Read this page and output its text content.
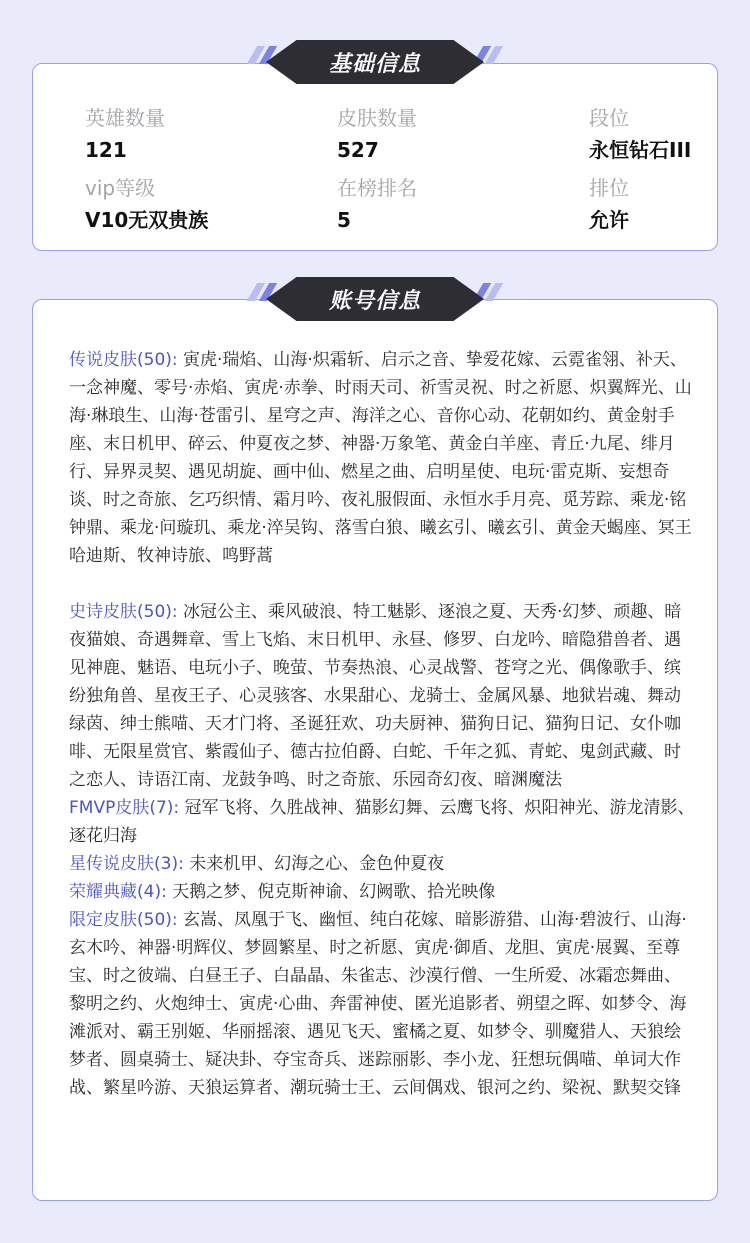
基础信息
英雄数量
121
皮肤数量
527
段位
永恒钻石III
vip等级
V10无双贵族
在榜排名
5
排位
允许
账号信息

传说皮肤(50): 寅虎·瑞焰、山海·炽霜斩、启示之音、挚爱花嫁、云霓雀翎、补天、一念神魔、零号·赤焰、寅虎·赤拳、时雨天司、祈雪灵祝、时之祈愿、炽翼辉光、山海·琳琅生、山海·苍雷引、星穹之声、海洋之心、音你心动、花朝如约、黄金射手座、末日机甲、碎云、仲夏夜之梦、神器·万象笔、黄金白羊座、青丘·九尾、绯月行、异界灵契、遇见胡旋、画中仙、燃星之曲、启明星使、电玩·雷克斯、妄想奇谈、时之奇旅、乞巧织情、霜月吟、夜礼服假面、永恒水手月亮、觅芳踪、乘龙·铭钟鼎、乘龙·问璇玑、乘龙·淬吴钩、落雪白狼、曦玄引、曦玄引、黄金天蝎座、冥王哈迪斯、牧神诗旅、鸣野蒿

史诗皮肤(50): 冰冠公主、乘风破浪、特工魅影、逐浪之夏、天秀·幻梦、顽趣、暗夜猫娘、奇遇舞章、雪上飞焰、末日机甲、永昼、修罗、白龙吟、暗隐猎兽者、遇见神鹿、魅语、电玩小子、晚萤、节奏热浪、心灵战警、苍穹之光、偶像歌手、缤纷独角兽、星夜王子、心灵骇客、水果甜心、龙骑士、金属风暴、地狱岩魂、舞动绿茵、绅士熊喵、天才门将、圣诞狂欢、功夫厨神、猫狗日记、猫狗日记、女仆咖啡、无限星赏官、紫霞仙子、德古拉伯爵、白蛇、千年之狐、青蛇、鬼剑武藏、时之恋人、诗语江南、龙鼓争鸣、时之奇旅、乐园奇幻夜、暗渊魔法

FMVP皮肤(7): 冠军飞将、久胜战神、猫影幻舞、云鹰飞将、炽阳神光、游龙清影、逐花归海

星传说皮肤(3): 未来机甲、幻海之心、金色仲夏夜

荣耀典藏(4): 天鹅之梦、倪克斯神谕、幻阙歌、拾光映像

限定皮肤(50): 玄嵩、凤凰于飞、幽恒、纯白花嫁、暗影游猎、山海·碧波行、山海·玄木吟、神器·明辉仪、梦圆繁星、时之祈愿、寅虎·御盾、龙胆、寅虎·展翼、至尊宝、时之彼端、白昼王子、白晶晶、朱雀志、沙漠行僧、一生所爱、冰霜恋舞曲、黎明之约、火炮绅士、寅虎·心曲、奔雷神使、匿光追影者、朔望之晖、如梦令、海滩派对、霸王别姬、华丽摇滚、遇见飞天、蜜橘之夏、如梦令、驯魔猎人、天狼绘梦者、圆桌骑士、疑决卦、夺宝奇兵、迷踪丽影、李小龙、狂想玩偶喵、单词大作战、繁星吟游、天狼运算者、潮玩骑士王、云间偶戏、银河之约、梁祝、默契交锋
